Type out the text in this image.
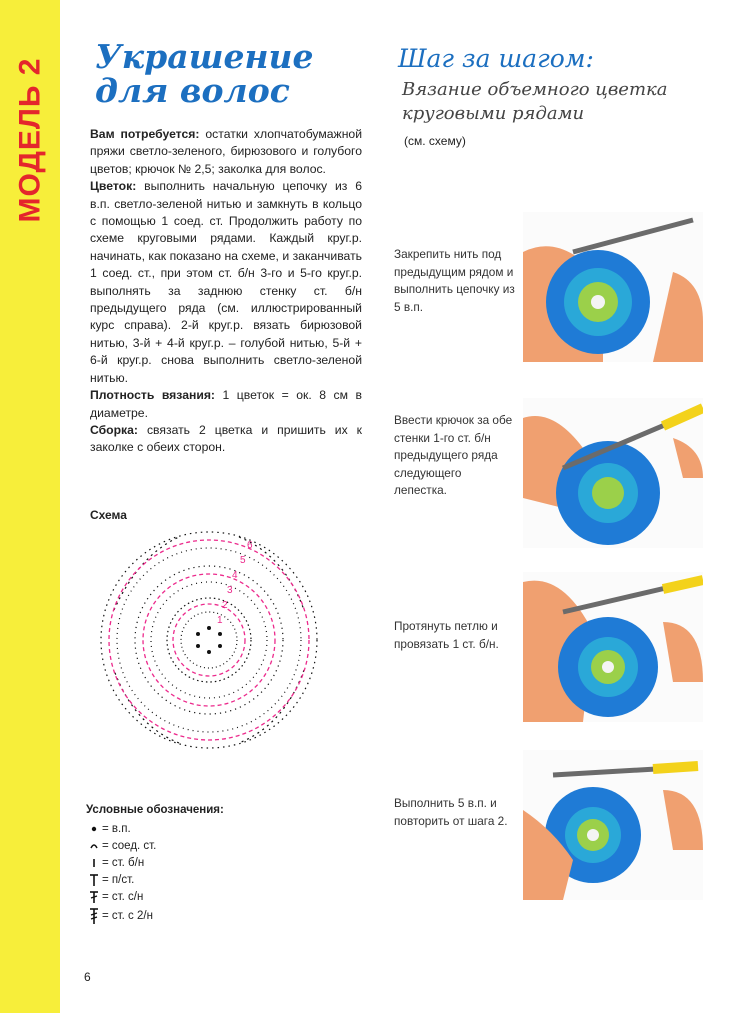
МОДЕЛЬ 2
Украшение
для волос

Вам потребуется: остатки хлопчатобумажной пряжи светло-зеленого, бирюзового и голубого цветов; крючок № 2,5; заколка для волос.

Цветок: выполнить начальную цепочку из 6 в.п. светло-зеленой нитью и замкнуть в кольцо с помощью 1 соед. ст. Продолжить работу по схеме круговыми рядами. Каждый круг.р. начинать, как показано на схеме, и заканчивать 1 соед. ст., при этом ст. б/н 3-го и 5-го круг.р. выполнять за заднюю стенку ст. б/н предыдущего ряда (см. иллюстрированный курс справа). 2-й круг.р. вязать бирюзовой нитью, 3-й + 4-й круг.р. – голубой нитью, 5-й + 6-й круг.р. снова выполнить светло-зеленой нитью.

Плотность вязания: 1 цветок = ок. 8 см в диаметре.

Сборка: связать 2 цветка и пришить их к заколке с обеих сторон.

Схема
1
2
3
4
5
6
Условные обозначения:
= в.п.
= соед. ст.
= ст. б/н
= п/ст.
= ст. с/н
= ст. с 2/н
Шаг за шагом:
Вязание объемного цветка круговыми рядами
(см. схему)
Закрепить нить под предыдущим рядом и выполнить цепочку из 5 в.п.
Ввести крючок за обе стенки 1-го ст. б/н предыдущего ряда следующего лепестка.
Протянуть петлю и провязать 1 ст. б/н.
Выполнить 5 в.п. и повторить от шага 2.
6
